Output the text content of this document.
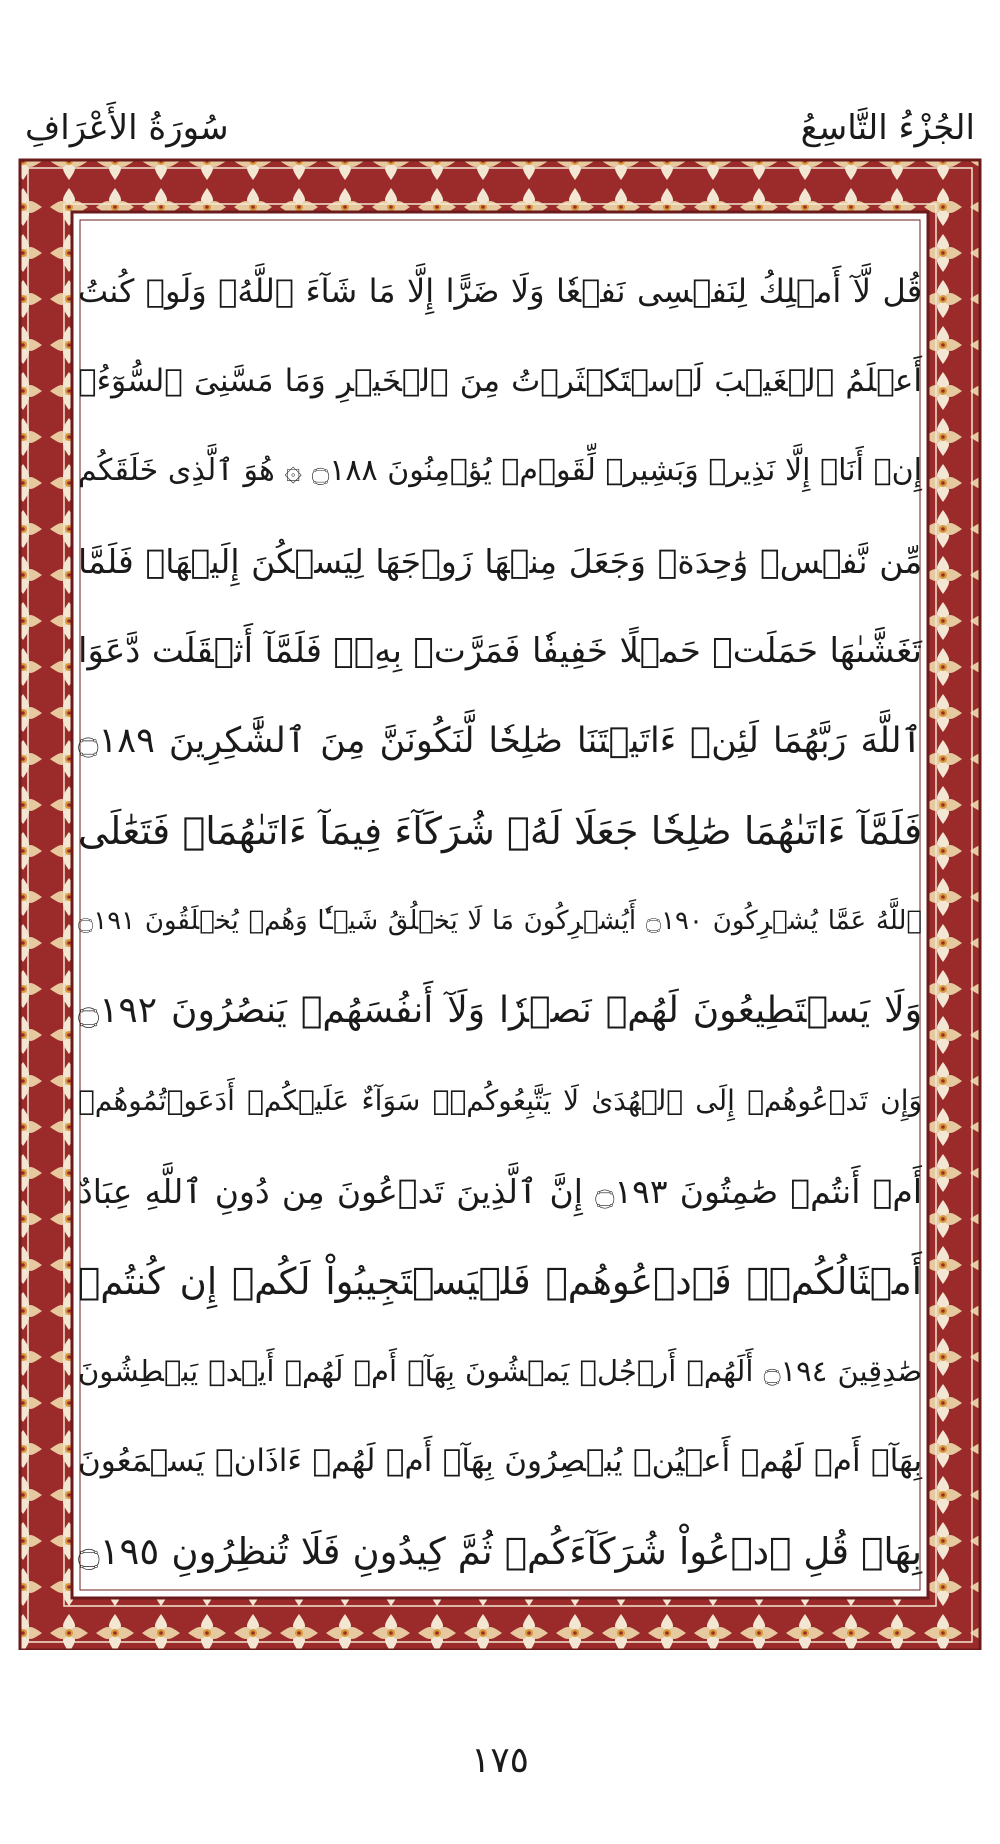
سُورَةُ الأَعْرَافِ	الجُزْءُ التَّاسِعُ
قُل لَّآ أَمۡلِكُ لِنَفۡسِى نَفۡعٗا وَلَا ضَرًّا إِلَّا مَا شَآءَ ٱللَّهُۚ وَلَوۡ كُنتُ
أَعۡلَمُ ٱلۡغَيۡبَ لَٱسۡتَكۡثَرۡتُ مِنَ ٱلۡخَيۡرِ وَمَا مَسَّنِىَ ٱلسُّوٓءُۚ
إِنۡ أَنَا۠ إِلَّا نَذِيرٞ وَبَشِيرٞ لِّقَوۡمٖ يُؤۡمِنُونَ ۝١٨٨ ۞ هُوَ ٱلَّذِى خَلَقَكُم
مِّن نَّفۡسٖ وَٰحِدَةٖ وَجَعَلَ مِنۡهَا زَوۡجَهَا لِيَسۡكُنَ إِلَيۡهَاۖ فَلَمَّا
تَغَشَّىٰهَا حَمَلَتۡ حَمۡلًا خَفِيفٗا فَمَرَّتۡ بِهِۦۖ فَلَمَّآ أَثۡقَلَت دَّعَوَا
ٱللَّهَ رَبَّهُمَا لَئِنۡ ءَاتَيۡتَنَا صَٰلِحٗا لَّنَكُونَنَّ مِنَ ٱلشَّٰكِرِينَ ۝١٨٩
فَلَمَّآ ءَاتَىٰهُمَا صَٰلِحٗا جَعَلَا لَهُۥ شُرَكَآءَ فِيمَآ ءَاتَىٰهُمَاۚ فَتَعَٰلَى
ٱللَّهُ عَمَّا يُشۡرِكُونَ ۝١٩٠ أَيُشۡرِكُونَ مَا لَا يَخۡلُقُ شَيۡـٔٗا وَهُمۡ يُخۡلَقُونَ ۝١٩١
وَلَا يَسۡتَطِيعُونَ لَهُمۡ نَصۡرٗا وَلَآ أَنفُسَهُمۡ يَنصُرُونَ ۝١٩٢
وَإِن تَدۡعُوهُمۡ إِلَى ٱلۡهُدَىٰ لَا يَتَّبِعُوكُمۡۚ سَوَآءٌ عَلَيۡكُمۡ أَدَعَوۡتُمُوهُمۡ
أَمۡ أَنتُمۡ صَٰمِتُونَ ۝١٩٣ إِنَّ ٱلَّذِينَ تَدۡعُونَ مِن دُونِ ٱللَّهِ عِبَادٌ
أَمۡثَالُكُمۡۖ فَٱدۡعُوهُمۡ فَلۡيَسۡتَجِيبُواْ لَكُمۡ إِن كُنتُمۡ
صَٰدِقِينَ ۝١٩٤ أَلَهُمۡ أَرۡجُلٞ يَمۡشُونَ بِهَآۖ أَمۡ لَهُمۡ أَيۡدٖ يَبۡطِشُونَ
بِهَآۖ أَمۡ لَهُمۡ أَعۡيُنٞ يُبۡصِرُونَ بِهَآۖ أَمۡ لَهُمۡ ءَاذَانٞ يَسۡمَعُونَ
بِهَاۗ قُلِ ٱدۡعُواْ شُرَكَآءَكُمۡ ثُمَّ كِيدُونِ فَلَا تُنظِرُونِ ۝١٩٥
١٧٥
